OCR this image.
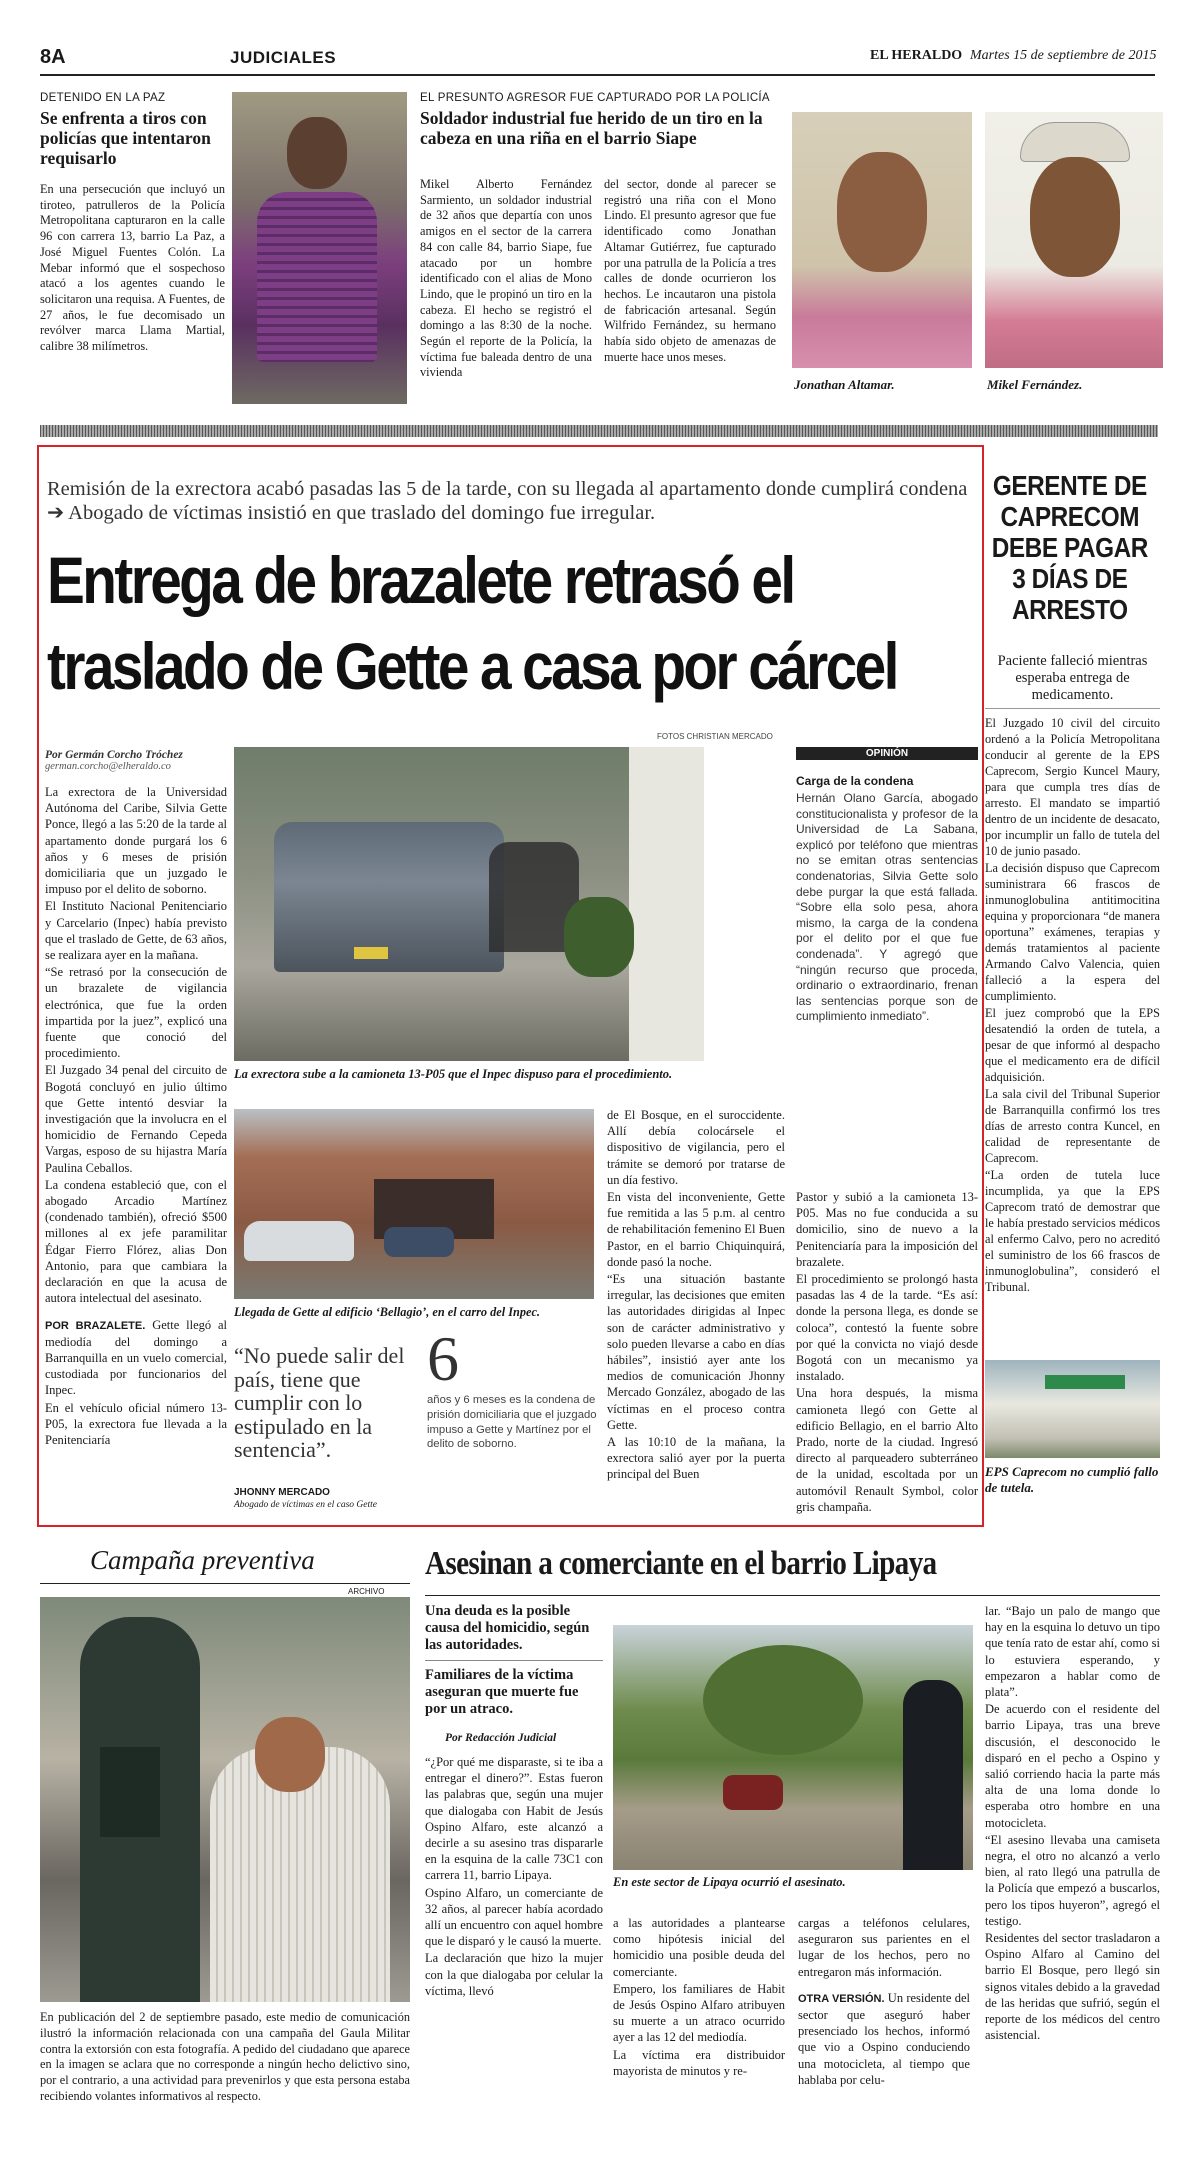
8A	JUDICIALES	EL HERALDO Martes 15 de septiembre de 2015
DETENIDO EN LA PAZ
Se enfrenta a tiros con policías que intentaron requisarlo

En una persecución que incluyó un tiroteo, patrulleros de la Policía Metropolitana capturaron en la calle 96 con carrera 13, barrio La Paz, a José Miguel Fuentes Colón. La Mebar informó que el sospechoso atacó a los agentes cuando le solicitaron una requisa. A Fuentes, de 27 años, le fue decomisado un revólver marca Llama Martial, calibre 38 milímetros.

EL PRESUNTO AGRESOR FUE CAPTURADO POR LA POLICÍA
Soldador industrial fue herido de un tiro en la cabeza en una riña en el barrio Siape

Mikel Alberto Fernández Sarmiento, un soldador industrial de 32 años que departía con unos amigos en el sector de la carrera 84 con calle 84, barrio Siape, fue atacado por un hombre identificado con el alias de Mono Lindo, que le propinó un tiro en la cabeza. El hecho se registró el domingo a las 8:30 de la noche. Según el reporte de la Policía, la víctima fue baleada dentro de una vivienda

del sector, donde al parecer se registró una riña con el Mono Lindo. El presunto agresor que fue identificado como Jonathan Altamar Gutiérrez, fue capturado por una patrulla de la Policía a tres calles de donde ocurrieron los hechos. Le incautaron una pistola de fabricación artesanal. Según Wilfrido Fernández, su hermano había sido objeto de amenazas de muerte hace unos meses.

Jonathan Altamar.	Mikel Fernández.
Remisión de la exrectora acabó pasadas las 5 de la tarde, con su llegada al apartamento donde cumplirá condena ➔ Abogado de víctimas insistió en que traslado del domingo fue irregular.
Entrega de brazalete retrasó el traslado de Gette a casa por cárcel
FOTOS CHRISTIAN MERCADO
Por Germán Corcho Tróchez
german.corcho@elheraldo.co

La exrectora de la Universidad Autónoma del Caribe, Silvia Gette Ponce, llegó a las 5:20 de la tarde al apartamento donde purgará los 6 años y 6 meses de prisión domiciliaria que un juzgado le impuso por el delito de soborno.

El Instituto Nacional Penitenciario y Carcelario (Inpec) había previsto que el traslado de Gette, de 63 años, se realizara ayer en la mañana.

“Se retrasó por la consecución de un brazalete de vigilancia electrónica, que fue la orden impartida por la juez”, explicó una fuente que conoció del procedimiento.

El Juzgado 34 penal del circuito de Bogotá concluyó en julio último que Gette intentó desviar la investigación que la involucra en el homicidio de Fernando Cepeda Vargas, esposo de su hijastra María Paulina Ceballos.

La condena estableció que, con el abogado Arcadio Martínez (condenado también), ofreció $500 millones al ex jefe paramilitar Édgar Fierro Flórez, alias Don Antonio, para que cambiara la declaración en que la acusa de autora intelectual del asesinato.

POR BRAZALETE. Gette llegó al mediodía del domingo a Barranquilla en un vuelo comercial, custodiada por funcionarios del Inpec.

En el vehículo oficial número 13-P05, la exrectora fue llevada a la Penitenciaría

La exrectora sube a la camioneta 13-P05 que el Inpec dispuso para el procedimiento.
Llegada de Gette al edificio ‘Bellagio’, en el carro del Inpec.
“No puede salir del país, tiene que cumplir con lo estipulado en la sentencia”.
JHONNY MERCADO
Abogado de víctimas en el caso Gette
6
años y 6 meses es la condena de prisión domiciliaria que el juzgado impuso a Gette y Martínez por el delito de soborno.

de El Bosque, en el suroccidente. Allí debía colocársele el dispositivo de vigilancia, pero el trámite se demoró por tratarse de un día festivo.

En vista del inconveniente, Gette fue remitida a las 5 p.m. al centro de rehabilitación femenino El Buen Pastor, en el barrio Chiquinquirá, donde pasó la noche.

“Es una situación bastante irregular, las decisiones que emiten las autoridades dirigidas al Inpec son de carácter administrativo y solo pueden llevarse a cabo en días hábiles”, insistió ayer ante los medios de comunicación Jhonny Mercado González, abogado de las víctimas en el proceso contra Gette.

A las 10:10 de la mañana, la exrectora salió ayer por la puerta principal del Buen

Pastor y subió a la camioneta 13-P05. Mas no fue conducida a su domicilio, sino de nuevo a la Penitenciaría para la imposición del brazalete.

El procedimiento se prolongó hasta pasadas las 4 de la tarde. “Es así: donde la persona llega, es donde se coloca”, contestó la fuente sobre por qué la convicta no viajó desde Bogotá con un mecanismo ya instalado.

Una hora después, la misma camioneta llegó con Gette al edificio Bellagio, en el barrio Alto Prado, norte de la ciudad. Ingresó directo al parqueadero subterráneo de la unidad, escoltada por un automóvil Renault Symbol, color gris champaña.

OPINIÓN
Carga de la condena

Hernán Olano García, abogado constitucionalista y profesor de la Universidad de La Sabana, explicó por teléfono que mientras no se emitan otras sentencias condenatorias, Silvia Gette solo debe purgar la que está fallada. “Sobre ella solo pesa, ahora mismo, la carga de la condena por el delito por el que fue condenada”. Y agregó que “ningún recurso que proceda, ordinario o extraordinario, frenan las sentencias porque son de cumplimiento inmediato”.

GERENTE DE CAPRECOM DEBE PAGAR 3 DÍAS DE ARRESTO
Paciente falleció mientras esperaba entrega de medicamento.

El Juzgado 10 civil del circuito ordenó a la Policía Metropolitana conducir al gerente de la EPS Caprecom, Sergio Kuncel Maury, para que cumpla tres días de arresto. El mandato se impartió dentro de un incidente de desacato, por incumplir un fallo de tutela del 10 de junio pasado.

La decisión dispuso que Caprecom suministrara 66 frascos de inmunoglobulina antitimocitina equina y proporcionara “de manera oportuna” exámenes, terapias y demás tratamientos al paciente Armando Calvo Valencia, quien falleció a la espera del cumplimiento.

El juez comprobó que la EPS desatendió la orden de tutela, a pesar de que informó al despacho que el medicamento era de difícil adquisición.

La sala civil del Tribunal Superior de Barranquilla confirmó los tres días de arresto contra Kuncel, en calidad de representante de Caprecom.

“La orden de tutela luce incumplida, ya que la EPS Caprecom trató de demostrar que le había prestado servicios médicos al enfermo Calvo, pero no acreditó el suministro de los 66 frascos de inmunoglobulina”, consideró el Tribunal.

EPS Caprecom no cumplió fallo de tutela.
Campaña preventiva
ARCHIVO

En publicación del 2 de septiembre pasado, este medio de comunicación ilustró la información relacionada con una campaña del Gaula Militar contra la extorsión con esta fotografía. A pedido del ciudadano que aparece en la imagen se aclara que no corresponde a ningún hecho delictivo sino, por el contrario, a una actividad para prevenirlos y que esta persona estaba recibiendo volantes informativos al respecto.

Asesinan a comerciante en el barrio Lipaya
Una deuda es la posible causa del homicidio, según las autoridades.
Familiares de la víctima aseguran que muerte fue por un atraco.
Por Redacción Judicial

“¿Por qué me disparaste, si te iba a entregar el dinero?”. Estas fueron las palabras que, según una mujer que dialogaba con Habit de Jesús Ospino Alfaro, este alcanzó a decirle a su asesino tras dispararle en la esquina de la calle 73C1 con carrera 11, barrio Lipaya.

Ospino Alfaro, un comerciante de 32 años, al parecer había acordado allí un encuentro con aquel hombre que le disparó y le causó la muerte.

La declaración que hizo la mujer con la que dialogaba por celular la víctima, llevó

En este sector de Lipaya ocurrió el asesinato.

a las autoridades a plantearse como hipótesis inicial del homicidio una posible deuda del comerciante.

Empero, los familiares de Habit de Jesús Ospino Alfaro atribuyen su muerte a un atraco ocurrido ayer a las 12 del mediodía.

La víctima era distribuidor mayorista de minutos y re-

cargas a teléfonos celulares, aseguraron sus parientes en el lugar de los hechos, pero no entregaron más información.

OTRA VERSIÓN. Un residente del sector que aseguró haber presenciado los hechos, informó que vio a Ospino conduciendo una motocicleta, al tiempo que hablaba por celu-

lar. “Bajo un palo de mango que hay en la esquina lo detuvo un tipo que tenía rato de estar ahí, como si lo estuviera esperando, y empezaron a hablar como de plata”.

De acuerdo con el residente del barrio Lipaya, tras una breve discusión, el desconocido le disparó en el pecho a Ospino y salió corriendo hacia la parte más alta de una loma donde lo esperaba otro hombre en una motocicleta.

“El asesino llevaba una camiseta negra, el otro no alcanzó a verlo bien, al rato llegó una patrulla de la Policía que empezó a buscarlos, pero los tipos huyeron”, agregó el testigo.

Residentes del sector trasladaron a Ospino Alfaro al Camino del barrio El Bosque, pero llegó sin signos vitales debido a la gravedad de las heridas que sufrió, según el reporte de los médicos del centro asistencial.
